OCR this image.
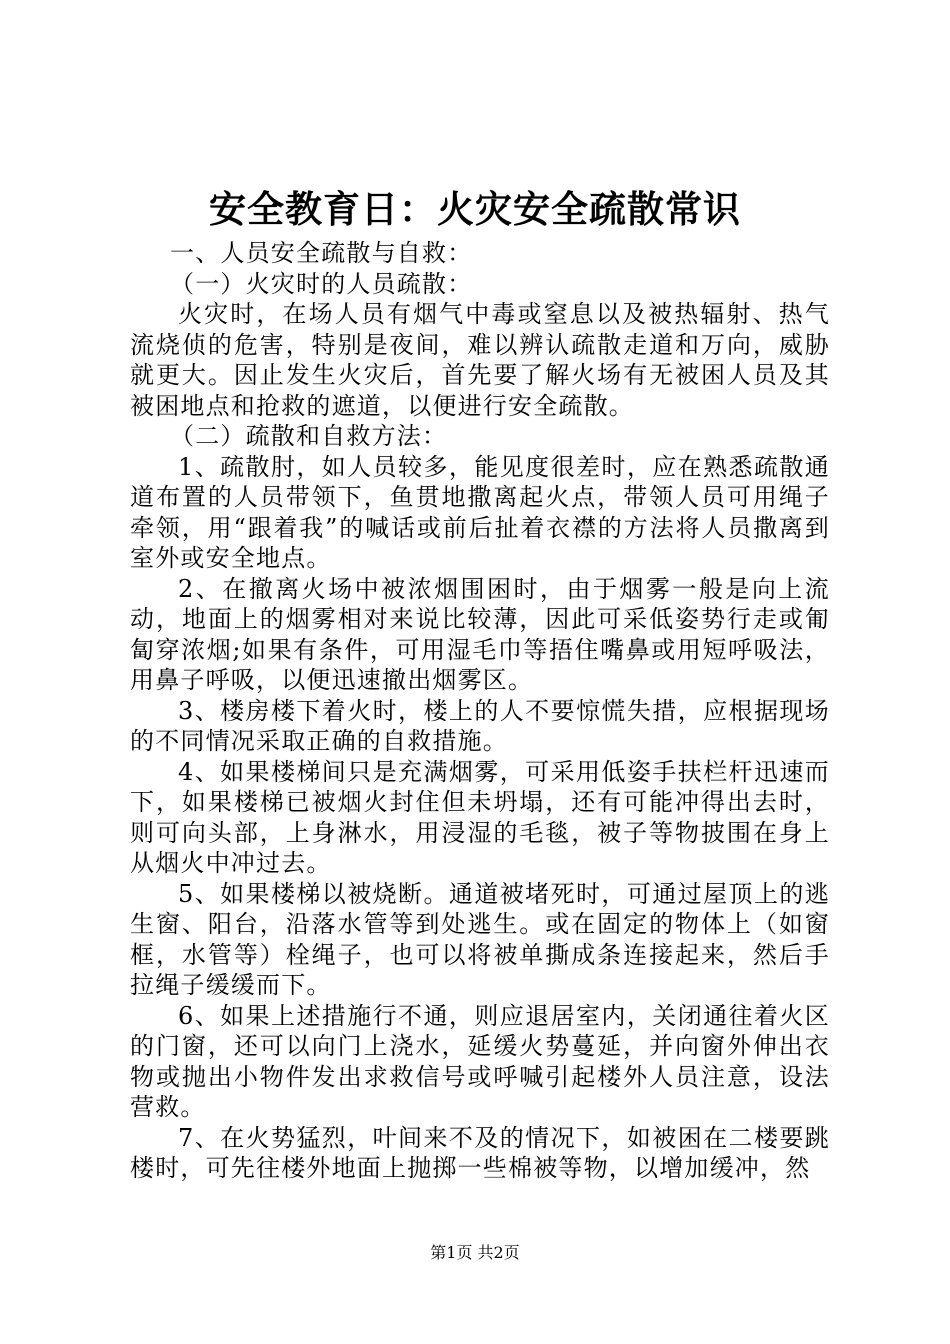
安全教育日：火灾安全疏散常识

一、人员安全疏散与自救：

（一）火灾时的人员疏散：

火灾时，在场人员有烟气中毒或窒息以及被热辐射、热气流烧侦的危害，特别是夜间，难以辨认疏散走道和万向，威胁就更大。因止发生火灾后，首先要了解火场有无被困人员及其被困地点和抢救的遮道，以便进行安全疏散。

（二）疏散和自救方法：

1、疏散肘，如人员较多，能见度很差时，应在熟悉疏散通道布置的人员带领下，鱼贯地撒离起火点，带领人员可用绳子牵领，用“跟着我”的喊话或前后扯着衣襟的方法将人员撒离到室外或安全地点。

2、在撤离火场中被浓烟围困时，由于烟雾一般是向上流动，地面上的烟雾相对来说比较薄，因此可采低姿势行走或匍匐穿浓烟;如果有条件，可用湿毛巾等捂住嘴鼻或用短呼吸法，用鼻子呼吸，以便迅速撤出烟雾区。

3、楼房楼下着火时，楼上的人不要惊慌失措，应根据现场的不同情况采取正确的自救措施。

4、如果楼梯间只是充满烟雾，可采用低姿手扶栏杆迅速而下，如果楼梯已被烟火封住但未坍塌，还有可能冲得出去时，则可向头部，上身淋水，用浸湿的毛毯，被子等物披围在身上从烟火中冲过去。

5、如果楼梯以被烧断。通道被堵死时，可通过屋顶上的逃生窗、阳台，沿落水管等到处逃生。或在固定的物体上（如窗框，水管等）栓绳子，也可以将被单撕成条连接起来，然后手拉绳子缓缓而下。

6、如果上述措施行不通，则应退居室内，关闭通往着火区的门窗，还可以向门上浇水，延缓火势蔓延，并向窗外伸出衣物或抛出小物件发出求救信号或呼喊引起楼外人员注意，设法营救。

7、在火势猛烈，叶间来不及的情况下，如被困在二楼要跳楼时，可先往楼外地面上抛掷一些棉被等物，以增加缓冲，然

第1页 共2页
